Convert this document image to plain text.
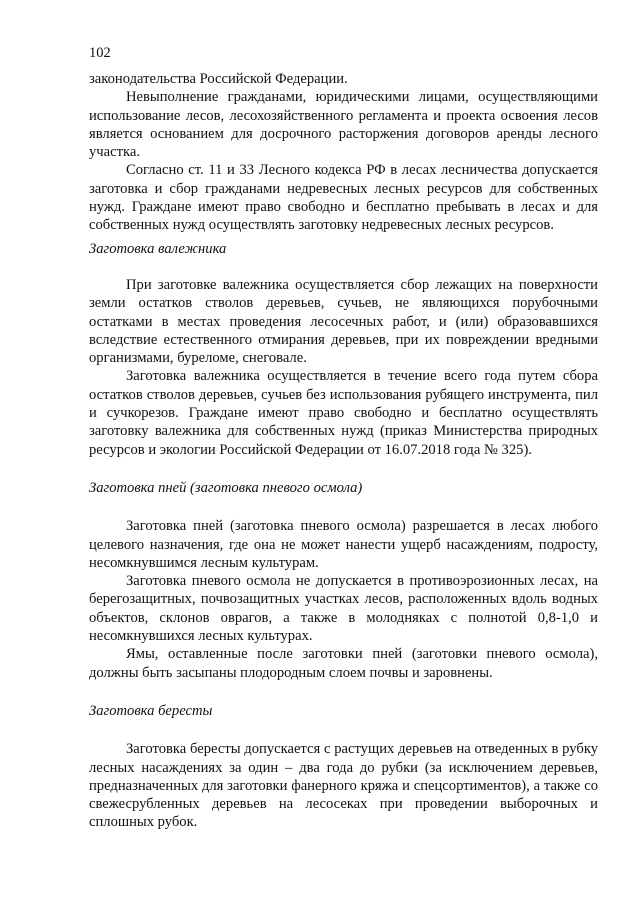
102

законодательства Российской Федерации.

Невыполнение гражданами, юридическими лицами, осуществляющими использование лесов, лесохозяйственного регламента и проекта освоения лесов является основанием для досрочного расторжения договоров аренды лесного участка.

Согласно ст. 11 и 33 Лесного кодекса РФ в лесах лесничества допускается заготовка и сбор гражданами недревесных лесных ресурсов для собственных нужд. Граждане имеют право свободно и бесплатно пребывать в лесах и для собственных нужд осуществлять заготовку недревесных лесных ресурсов.

Заготовка валежника

При заготовке валежника осуществляется сбор лежащих на поверхности земли остатков стволов деревьев, сучьев, не являющихся порубочными остатками в местах проведения лесосечных работ, и (или) образовавшихся вследствие естественного отмирания деревьев, при их повреждении вредными организмами, буреломе, снеговале.

Заготовка валежника осуществляется в течение всего года путем сбора остатков стволов деревьев, сучьев без использования рубящего инструмента, пил и сучкорезов. Граждане имеют право свободно и бесплатно осуществлять заготовку валежника для собственных нужд (приказ Министерства природных ресурсов и экологии Российской Федерации от 16.07.2018 года № 325).

Заготовка пней (заготовка пневого осмола)

Заготовка пней (заготовка пневого осмола) разрешается в лесах любого целевого назначения, где она не может нанести ущерб насаждениям, подросту, несомкнувшимся лесным культурам.

Заготовка пневого осмола не допускается в противоэрозионных лесах, на берегозащитных, почвозащитных участках лесов, расположенных вдоль водных объектов, склонов оврагов, а также в молодняках с полнотой 0,8-1,0 и несомкнувшихся лесных культурах.

Ямы, оставленные после заготовки пней (заготовки пневого осмола), должны быть засыпаны плодородным слоем почвы и заровнены.

Заготовка бересты

Заготовка бересты допускается с растущих деревьев на отведенных в рубку лесных насаждениях за один – два года до рубки (за исключением деревьев, предназначенных для заготовки фанерного кряжа и спецсортиментов), а также со свежесрубленных деревьев на лесосеках при проведении выборочных и сплошных рубок.
